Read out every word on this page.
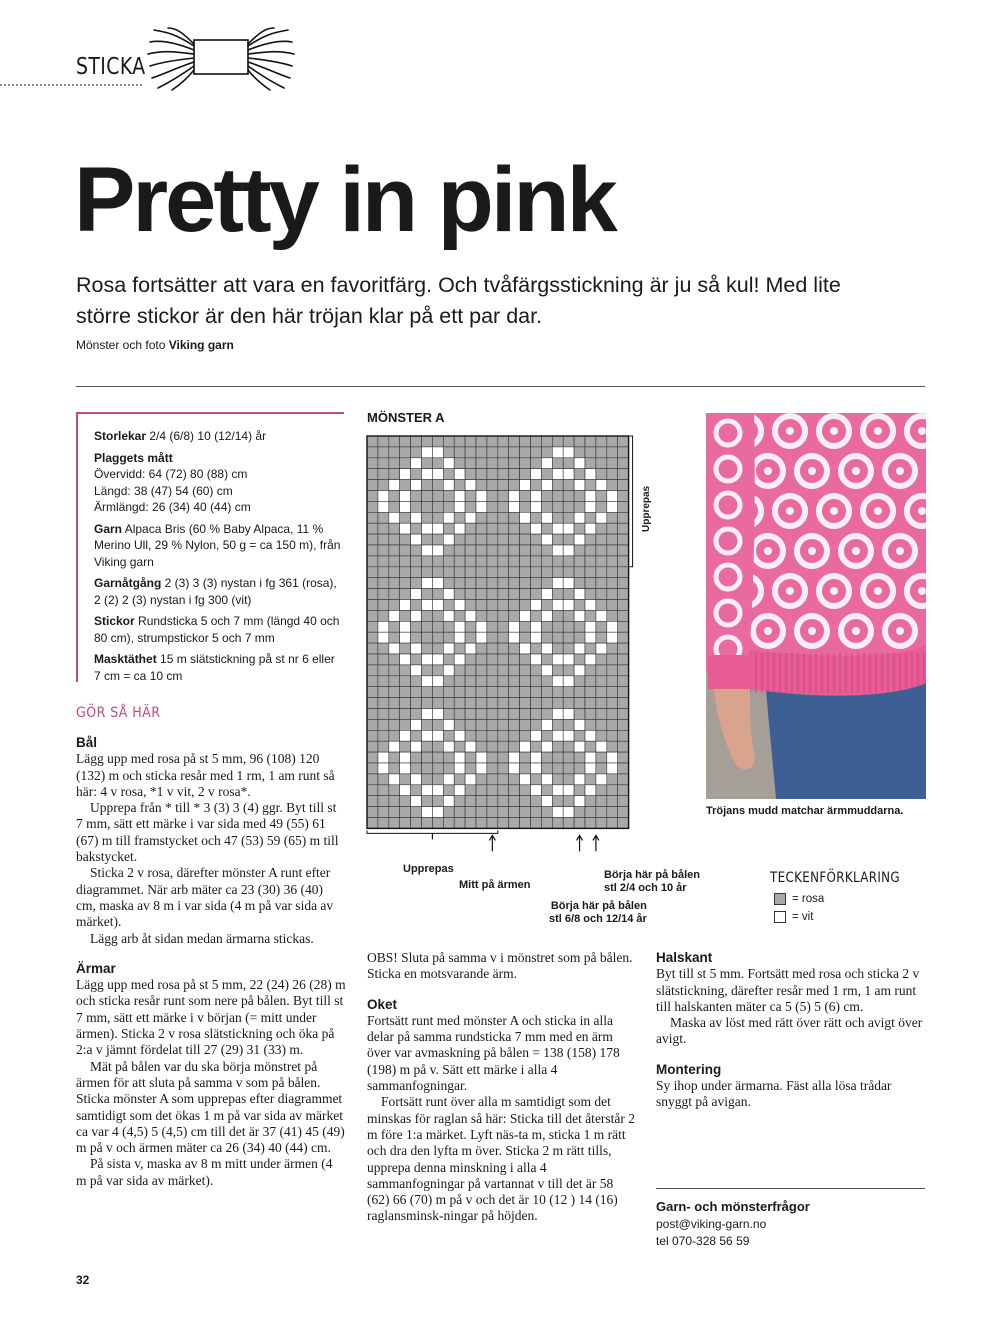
STICKA
Pretty in pink

Rosa fortsätter att vara en favoritfärg. Och tvåfärgsstickning är ju så kul! Med lite större stickor är den här tröjan klar på ett par dar.

Mönster och foto Viking garn

Storlekar 2/4 (6/8) 10 (12/14) år

Plaggets mått
Övervidd: 64 (72) 80 (88) cm
Längd: 38 (47) 54 (60) cm
Ärmlängd: 26 (34) 40 (44) cm

Garn Alpaca Bris (60 % Baby Alpaca, 11 % Merino Ull, 29 % Nylon, 50 g = ca 150 m), från Viking garn

Garnåtgång 2 (3) 3 (3) nystan i fg 361 (rosa), 2 (2) 2 (3) nystan i fg 300 (vit)

Stickor Rundsticka 5 och 7 mm (längd 40 och 80 cm), strumpstickor 5 och 7 mm

Masktäthet 15 m slätstickning på st nr 6 eller 7 cm = ca 10 cm

GÖR SÅ HÄR
Bål

Lägg upp med rosa på st 5 mm, 96 (108) 120 (132) m och sticka resår med 1 rm, 1 am runt så här: 4 v rosa, *1 v vit, 2 v rosa*.

Upprepa från * till * 3 (3) 3 (4) ggr. Byt till st 7 mm, sätt ett märke i var sida med 49 (55) 61 (67) m till framstycket och 47 (53) 59 (65) m till bakstycket.

Sticka 2 v rosa, därefter mönster A runt efter diagrammet. När arb mäter ca 23 (30) 36 (40) cm, maska av 8 m i var sida (4 m på var sida av märket).

Lägg arb åt sidan medan ärmarna stickas.

Ärmar

Lägg upp med rosa på st 5 mm, 22 (24) 26 (28) m och sticka resår runt som nere på bålen. Byt till st 7 mm, sätt ett märke i v början (= mitt under ärmen). Sticka 2 v rosa slätstickning och öka på 2:a v jämnt fördelat till 27 (29) 31 (33) m.

Mät på bålen var du ska börja mönstret på ärmen för att sluta på samma v som på bålen. Sticka mönster A som upprepas efter diagrammet samtidigt som det ökas 1 m på var sida av märket ca var 4 (4,5) 5 (4,5) cm till det är 37 (41) 45 (49) m på v och ärmen mäter ca 26 (34) 40 (44) cm.

På sista v, maska av 8 m mitt under ärmen (4 m på var sida av märket).

MÖNSTER A
Upprepas
Mitt på ärmen
Börja här på bålen
stl 2/4 och 10 år
Börja här på bålen
stl 6/8 och 12/14 år
Upprepas

OBS! Sluta på samma v i mönstret som på bålen. Sticka en motsvarande ärm.

Oket

Fortsätt runt med mönster A och sticka in alla delar på samma rundsticka 7 mm med en ärm över var avmaskning på bålen = 138 (158) 178 (198) m på v. Sätt ett märke i alla 4 sammanfogningar.

Fortsätt runt över alla m samtidigt som det minskas för raglan så här: Sticka till det återstår 2 m före 1:a märket. Lyft näs-ta m, sticka 1 m rätt och dra den lyfta m över. Sticka 2 m rätt tills, upprepa denna minskning i alla 4 sammanfogningar på vartannat v till det är 58 (62) 66 (70) m på v och det är 10 (12 ) 14 (16) raglansminsk-ningar på höjden.

Tröjans mudd matchar ärmmuddarna.
TECKENFÖRKLARING
= rosa
= vit
Halskant

Byt till st 5 mm. Fortsätt med rosa och sticka 2 v slätstickning, därefter resår med 1 rm, 1 am runt till halskanten mäter ca 5 (5) 5 (6) cm.

Maska av löst med rätt över rätt och avigt över avigt.

Montering

Sy ihop under ärmarna. Fäst alla lösa trådar snyggt på avigan.

Garn- och mönsterfrågor
post@viking-garn.no
tel 070-328 56 59
32
